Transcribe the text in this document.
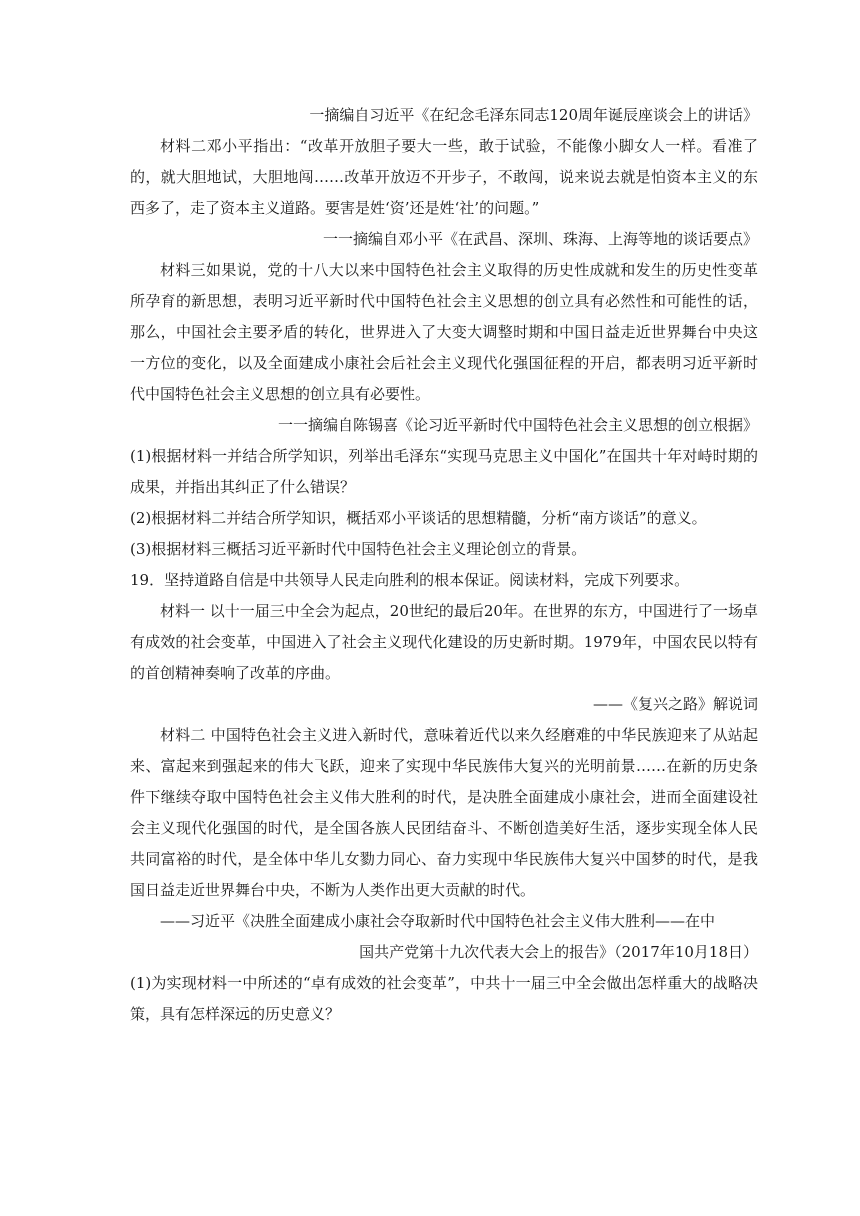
一摘编自习近平《在纪念毛泽东同志120周年诞辰座谈会上的讲话》

材料二邓小平指出：“改革开放胆子要大一些，敢于试验，不能像小脚女人一样。看准了的，就大胆地试，大胆地闯……改革开放迈不开步子，不敢闯，说来说去就是怕资本主义的东西多了，走了资本主义道路。要害是姓‘资’还是姓‘社’的问题。”

一一摘编自邓小平《在武昌、深圳、珠海、上海等地的谈话要点》

材料三如果说，党的十八大以来中国特色社会主义取得的历史性成就和发生的历史性变革所孕育的新思想，表明习近平新时代中国特色社会主义思想的创立具有必然性和可能性的话，那么，中国社会主要矛盾的转化，世界进入了大变大调整时期和中国日益走近世界舞台中央这一方位的变化，以及全面建成小康社会后社会主义现代化强国征程的开启，都表明习近平新时代中国特色社会主义思想的创立具有必要性。

一一摘编自陈锡喜《论习近平新时代中国特色社会主义思想的创立根据》

(1)根据材料一并结合所学知识，列举出毛泽东“实现马克思主义中国化”在国共十年对峙时期的成果，并指出其纠正了什么错误？

(2)根据材料二并结合所学知识，概括邓小平谈话的思想精髓，分析“南方谈话”的意义。

(3)根据材料三概括习近平新时代中国特色社会主义理论创立的背景。

19．坚持道路自信是中共领导人民走向胜利的根本保证。阅读材料，完成下列要求。

材料一 以十一届三中全会为起点，20世纪的最后20年。在世界的东方，中国进行了一场卓有成效的社会变革，中国进入了社会主义现代化建设的历史新时期。1979年，中国农民以特有的首创精神奏响了改革的序曲。

——《复兴之路》解说词

材料二 中国特色社会主义进入新时代，意味着近代以来久经磨难的中华民族迎来了从站起来、富起来到强起来的伟大飞跃，迎来了实现中华民族伟大复兴的光明前景……在新的历史条件下继续夺取中国特色社会主义伟大胜利的时代，是决胜全面建成小康社会，进而全面建设社会主义现代化强国的时代，是全国各族人民团结奋斗、不断创造美好生活，逐步实现全体人民共同富裕的时代，是全体中华儿女勠力同心、奋力实现中华民族伟大复兴中国梦的时代，是我国日益走近世界舞台中央，不断为人类作出更大贡献的时代。

——习近平《决胜全面建成小康社会夺取新时代中国特色社会主义伟大胜利——在中
国共产党第十九次代表大会上的报告》（2017年10月18日）

(1)为实现材料一中所述的“卓有成效的社会变革”，中共十一届三中全会做出怎样重大的战略决策，具有怎样深远的历史意义？
